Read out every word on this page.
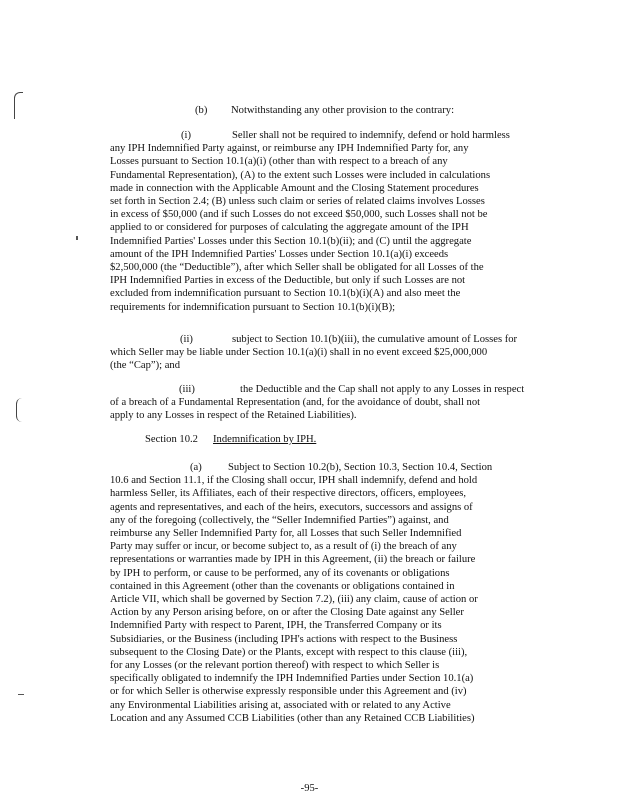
(b) Notwithstanding any other provision to the contrary:
(i)	Seller shall not be required to indemnify, defend or hold harmless
any IPH Indemnified Party against, or reimburse any IPH Indemnified Party for, any
Losses pursuant to Section 10.1(a)(i) (other than with respect to a breach of any
Fundamental Representation), (A) to the extent such Losses were included in calculations
made in connection with the Applicable Amount and the Closing Statement procedures
set forth in Section 2.4; (B) unless such claim or series of related claims involves Losses
in excess of $50,000 (and if such Losses do not exceed $50,000, such Losses shall not be
applied to or considered for purposes of calculating the aggregate amount of the IPH
Indemnified Parties' Losses under this Section 10.1(b)(ii); and (C) until the aggregate
amount of the IPH Indemnified Parties' Losses under Section 10.1(a)(i) exceeds
$2,500,000 (the “Deductible”), after which Seller shall be obligated for all Losses of the
IPH Indemnified Parties in excess of the Deductible, but only if such Losses are not
excluded from indemnification pursuant to Section 10.1(b)(i)(A) and also meet the
requirements for indemnification pursuant to Section 10.1(b)(i)(B);
(ii)	subject to Section 10.1(b)(iii), the cumulative amount of Losses for
which Seller may be liable under Section 10.1(a)(i) shall in no event exceed $25,000,000
(the “Cap”); and
(iii)	the Deductible and the Cap shall not apply to any Losses in respect
of a breach of a Fundamental Representation (and, for the avoidance of doubt, shall not
apply to any Losses in respect of the Retained Liabilities).
Section 10.2 Indemnification by IPH.
(a)	Subject to Section 10.2(b), Section 10.3, Section 10.4, Section
10.6 and Section 11.1, if the Closing shall occur, IPH shall indemnify, defend and hold
harmless Seller, its Affiliates, each of their respective directors, officers, employees,
agents and representatives, and each of the heirs, executors, successors and assigns of
any of the foregoing (collectively, the “Seller Indemnified Parties”) against, and
reimburse any Seller Indemnified Party for, all Losses that such Seller Indemnified
Party may suffer or incur, or become subject to, as a result of (i) the breach of any
representations or warranties made by IPH in this Agreement, (ii) the breach or failure
by IPH to perform, or cause to be performed, any of its covenants or obligations
contained in this Agreement (other than the covenants or obligations contained in
Article VII, which shall be governed by Section 7.2), (iii) any claim, cause of action or
Action by any Person arising before, on or after the Closing Date against any Seller
Indemnified Party with respect to Parent, IPH, the Transferred Company or its
Subsidiaries, or the Business (including IPH's actions with respect to the Business
subsequent to the Closing Date) or the Plants, except with respect to this clause (iii),
for any Losses (or the relevant portion thereof) with respect to which Seller is
specifically obligated to indemnify the IPH Indemnified Parties under Section 10.1(a)
or for which Seller is otherwise expressly responsible under this Agreement and (iv)
any Environmental Liabilities arising at, associated with or related to any Active
Location and any Assumed CCB Liabilities (other than any Retained CCB Liabilities)
-95-
